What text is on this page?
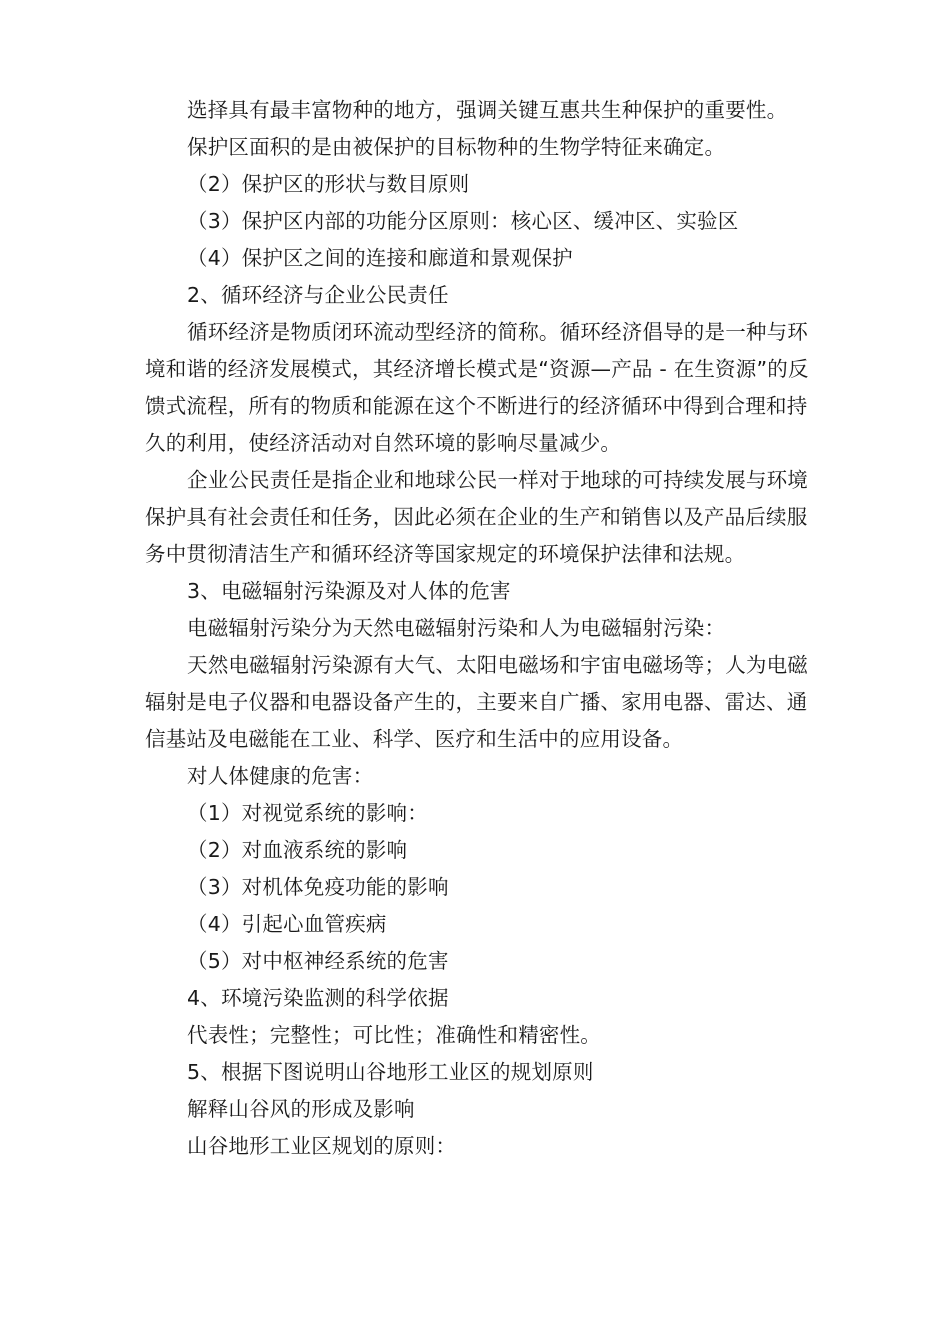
选择具有最丰富物种的地方，强调关键互惠共生种保护的重要性。

保护区面积的是由被保护的目标物种的生物学特征来确定。

（2）保护区的形状与数目原则

（3）保护区内部的功能分区原则：核心区、缓冲区、实验区

（4）保护区之间的连接和廊道和景观保护

2、循环经济与企业公民责任

循环经济是物质闭环流动型经济的简称。循环经济倡导的是一种与环境和谐的经济发展模式，其经济增长模式是“资源—产品 - 在生资源”的反馈式流程，所有的物质和能源在这个不断进行的经济循环中得到合理和持久的利用，使经济活动对自然环境的影响尽量减少。

企业公民责任是指企业和地球公民一样对于地球的可持续发展与环境保护具有社会责任和任务，因此必须在企业的生产和销售以及产品后续服务中贯彻清洁生产和循环经济等国家规定的环境保护法律和法规。

3、电磁辐射污染源及对人体的危害

电磁辐射污染分为天然电磁辐射污染和人为电磁辐射污染：

天然电磁辐射污染源有大气、太阳电磁场和宇宙电磁场等；人为电磁辐射是电子仪器和电器设备产生的，主要来自广播、家用电器、雷达、通信基站及电磁能在工业、科学、医疗和生活中的应用设备。

对人体健康的危害：

（1）对视觉系统的影响：

（2）对血液系统的影响

（3）对机体免疫功能的影响

（4）引起心血管疾病

（5）对中枢神经系统的危害

4、环境污染监测的科学依据

代表性；完整性；可比性；准确性和精密性。

5、根据下图说明山谷地形工业区的规划原则

解释山谷风的形成及影响

山谷地形工业区规划的原则：
